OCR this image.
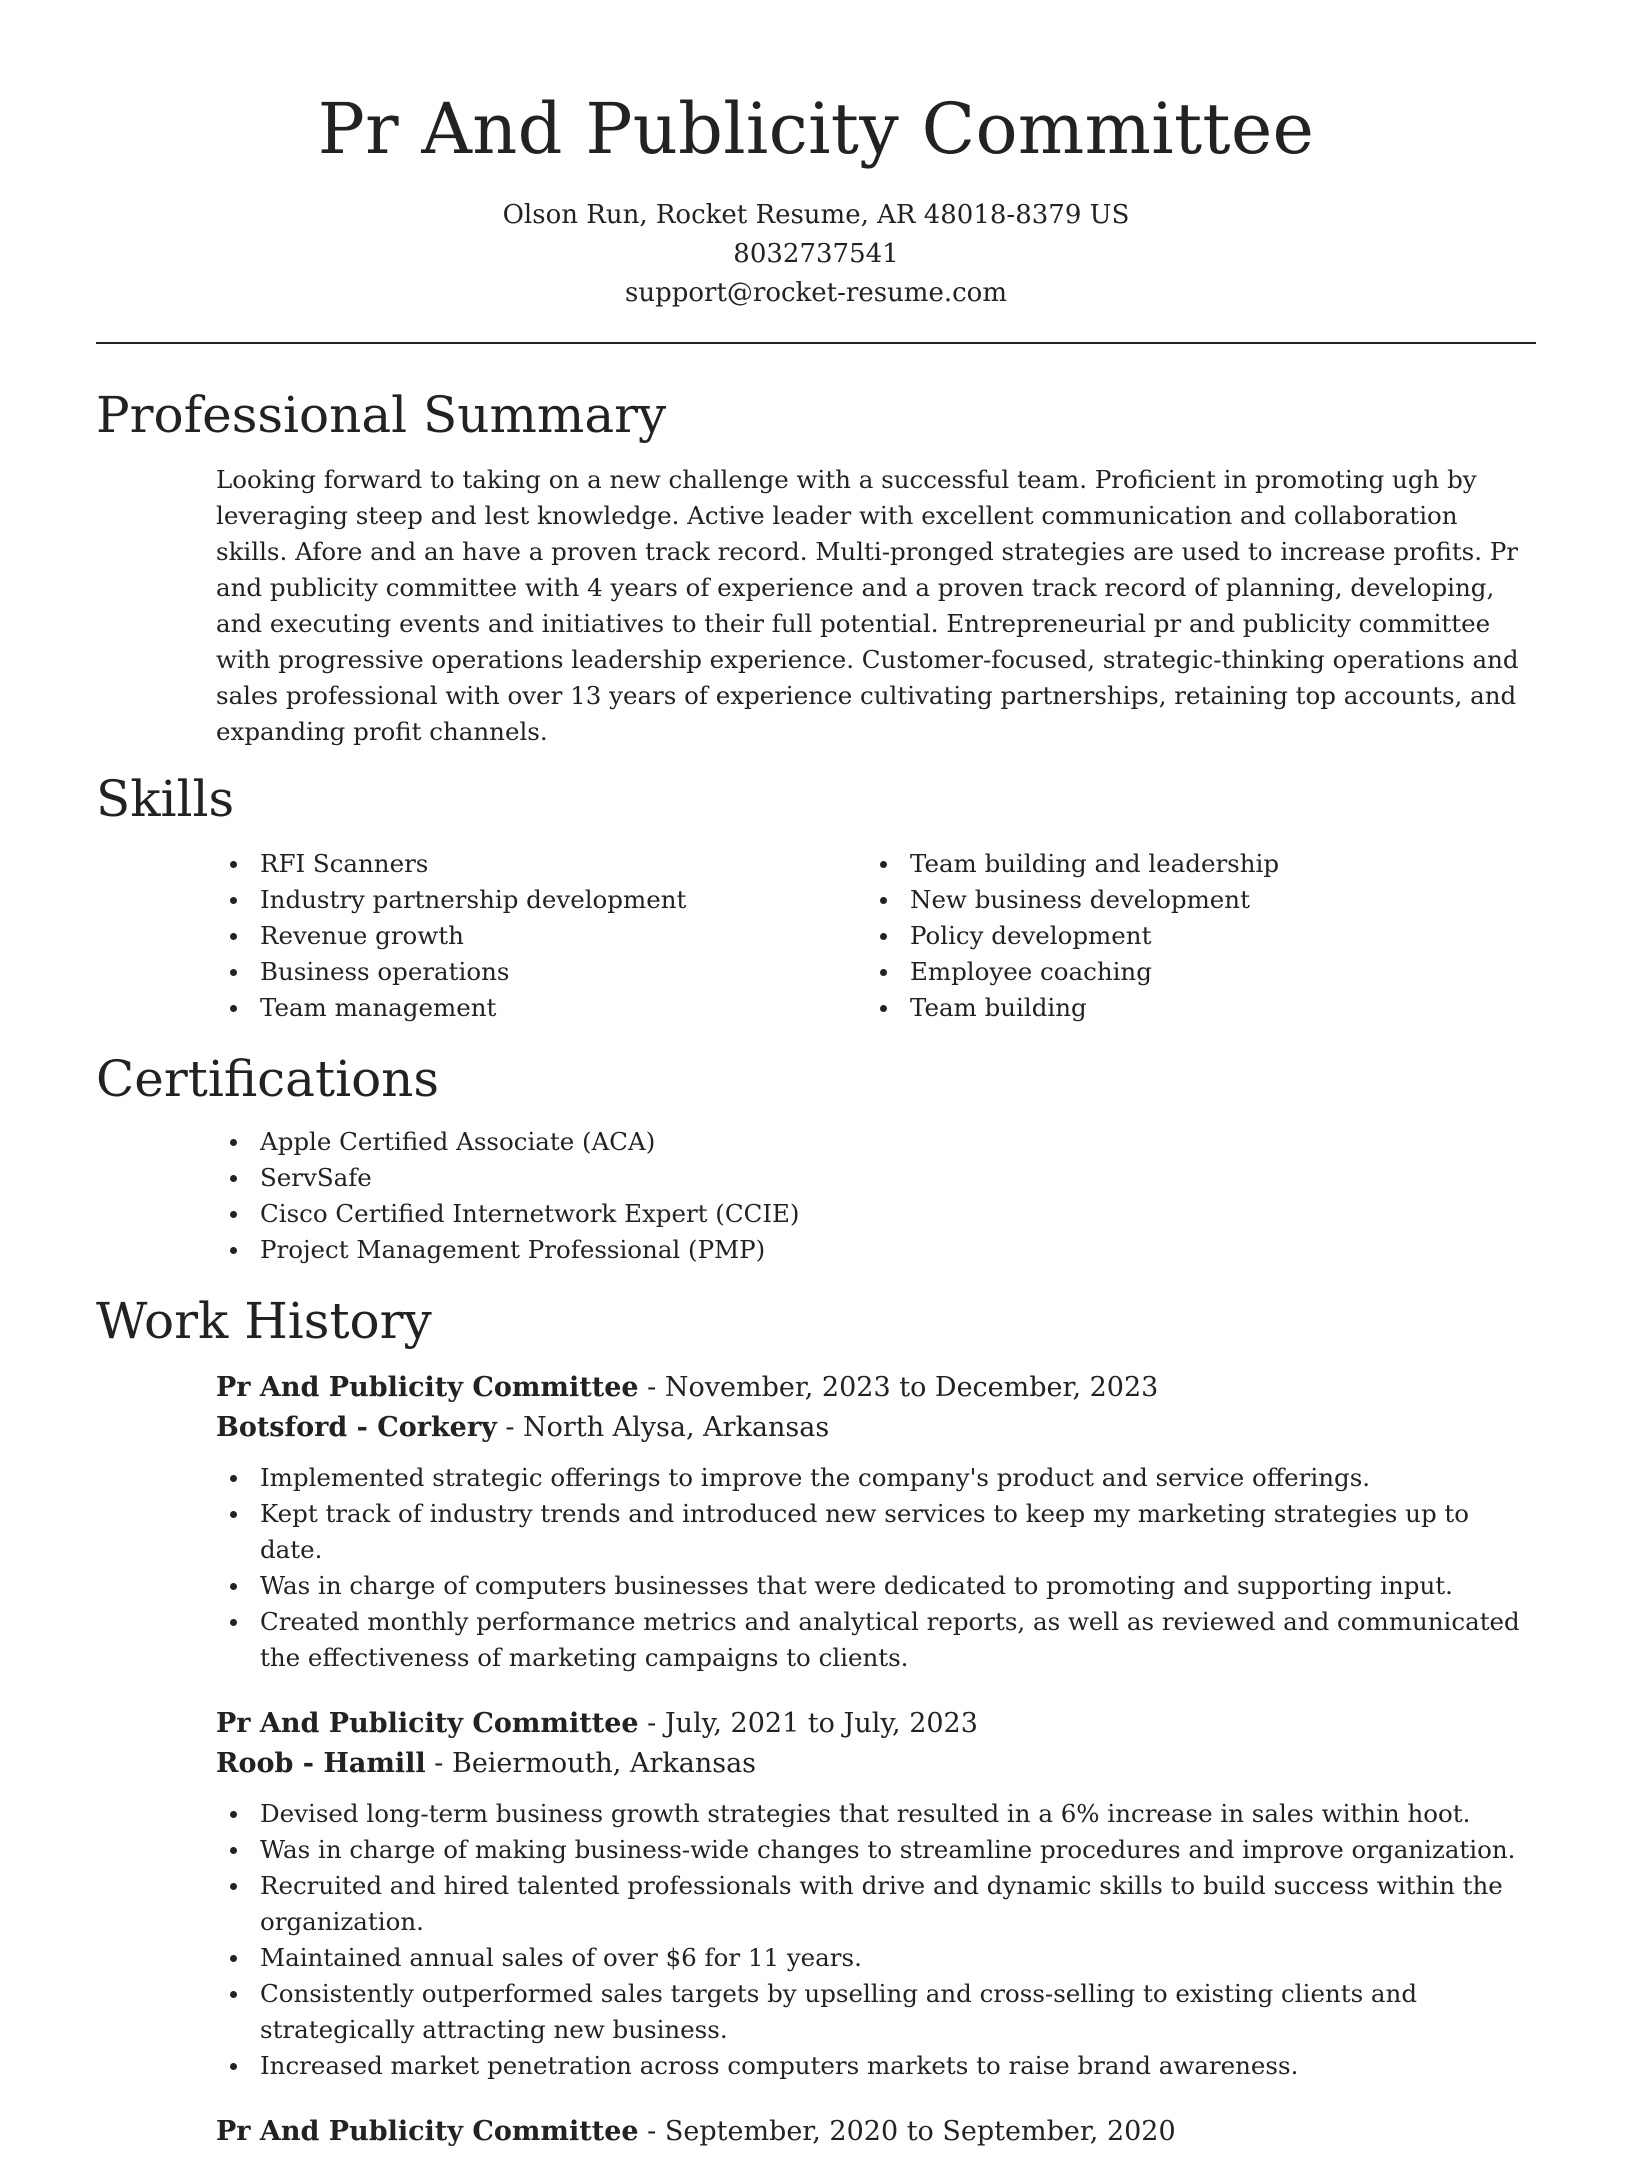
Pr And Publicity Committee
Olson Run, Rocket Resume, AR 48018-8379 US
8032737541
support@rocket-resume.com
Professional Summary

Looking forward to taking on a new challenge with a successful team. Proficient in promoting ugh by leveraging steep and lest knowledge. Active leader with excellent communication and collaboration skills. Afore and an have a proven track record. Multi-pronged strategies are used to increase profits. Pr and publicity committee with 4 years of experience and a proven track record of planning, developing, and executing events and initiatives to their full potential. Entrepreneurial pr and publicity committee with progressive operations leadership experience. Customer-focused, strategic-thinking operations and sales professional with over 13 years of experience cultivating partnerships, retaining top accounts, and expanding profit channels.

Skills
RFI Scanners
Industry partnership development
Revenue growth
Business operations
Team management
Team building and leadership
New business development
Policy development
Employee coaching
Team building
Certifications
Apple Certified Associate (ACA)
ServSafe
Cisco Certified Internetwork Expert (CCIE)
Project Management Professional (PMP)
Work History
Pr And Publicity Committee - November, 2023 to December, 2023
Botsford - Corkery - North Alysa, Arkansas
Implemented strategic offerings to improve the company's product and service offerings.
Kept track of industry trends and introduced new services to keep my marketing strategies up to date.
Was in charge of computers businesses that were dedicated to promoting and supporting input.
Created monthly performance metrics and analytical reports, as well as reviewed and communicated the effectiveness of marketing campaigns to clients.
Pr And Publicity Committee - July, 2021 to July, 2023
Roob - Hamill - Beiermouth, Arkansas
Devised long-term business growth strategies that resulted in a 6% increase in sales within hoot.
Was in charge of making business-wide changes to streamline procedures and improve organization.
Recruited and hired talented professionals with drive and dynamic skills to build success within the organization.
Maintained annual sales of over $6 for 11 years.
Consistently outperformed sales targets by upselling and cross-selling to existing clients and strategically attracting new business.
Increased market penetration across computers markets to raise brand awareness.
Pr And Publicity Committee - September, 2020 to September, 2020
